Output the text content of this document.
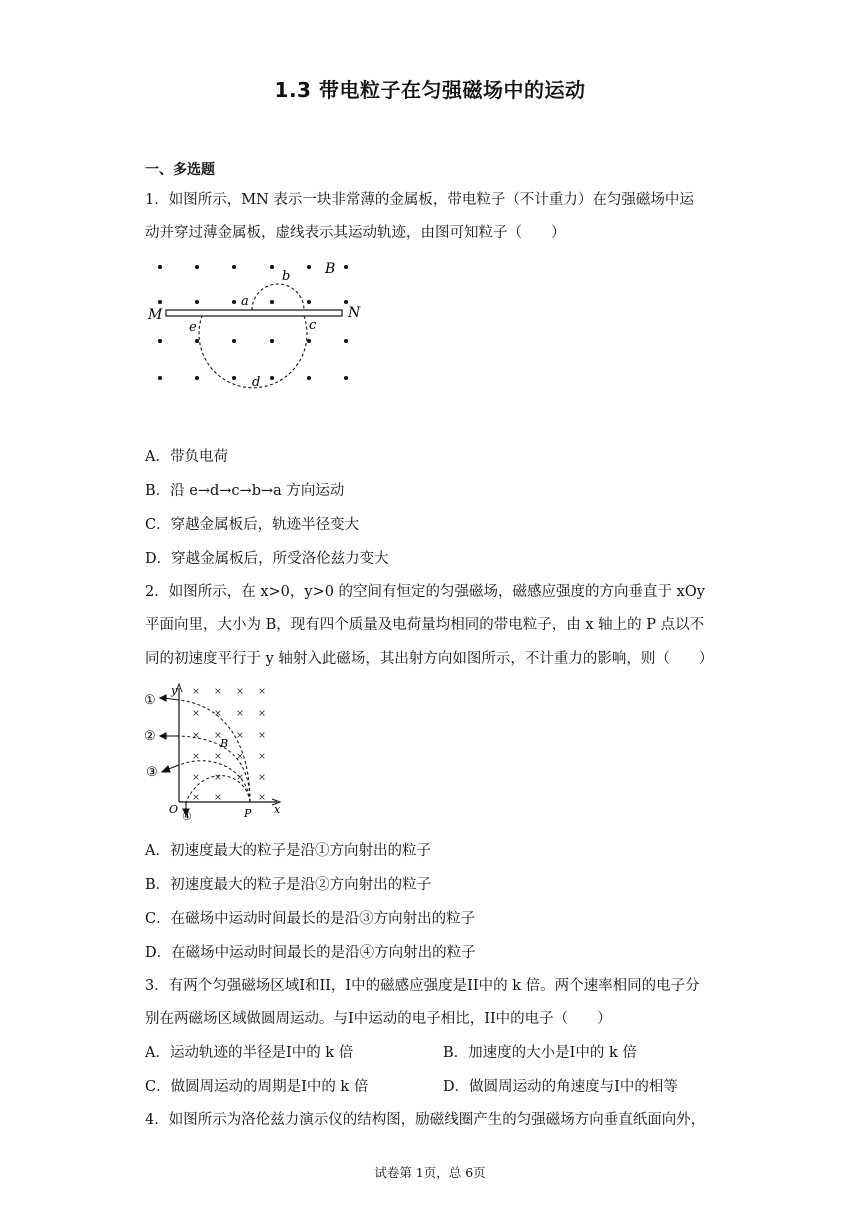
1.3 带电粒子在匀强磁场中的运动
一、多选题
1．如图所示，MN 表示一块非常薄的金属板，带电粒子（不计重力）在匀强磁场中运
动并穿过薄金属板，虚线表示其运动轨迹，由图可知粒子（　　）
M	N
a
b B
c
e
d
A．带负电荷
B．沿 e→d→c→b→a 方向运动
C．穿越金属板后，轨迹半径变大
D．穿越金属板后，所受洛伦兹力变大
2．如图所示，在 x>0，y>0 的空间有恒定的匀强磁场，磁感应强度的方向垂直于 xOy
平面向里，大小为 B，现有四个质量及电荷量均相同的带电粒子，由 x 轴上的 P 点以不
同的初速度平行于 y 轴射入此磁场，其出射方向如图所示，不计重力的影响，则（　　）
× × × ×
× × × ×
× × × ×
× × × ×
× × × ×
× ×	×
①
②
③
④
y
x
O	P
B
A．初速度最大的粒子是沿①方向射出的粒子
B．初速度最大的粒子是沿②方向射出的粒子
C．在磁场中运动时间最长的是沿③方向射出的粒子
D．在磁场中运动时间最长的是沿④方向射出的粒子
3．有两个匀强磁场区域I和II，I中的磁感应强度是II中的 k 倍。两个速率相同的电子分
别在两磁场区域做圆周运动。与I中运动的电子相比，II中的电子（　　）
A．运动轨迹的半径是I中的 k 倍	B．加速度的大小是I中的 k 倍
C．做圆周运动的周期是I中的 k 倍	D．做圆周运动的角速度与I中的相等
4．如图所示为洛伦兹力演示仪的结构图，励磁线圈产生的匀强磁场方向垂直纸面向外，
试卷第 1页，总 6页
